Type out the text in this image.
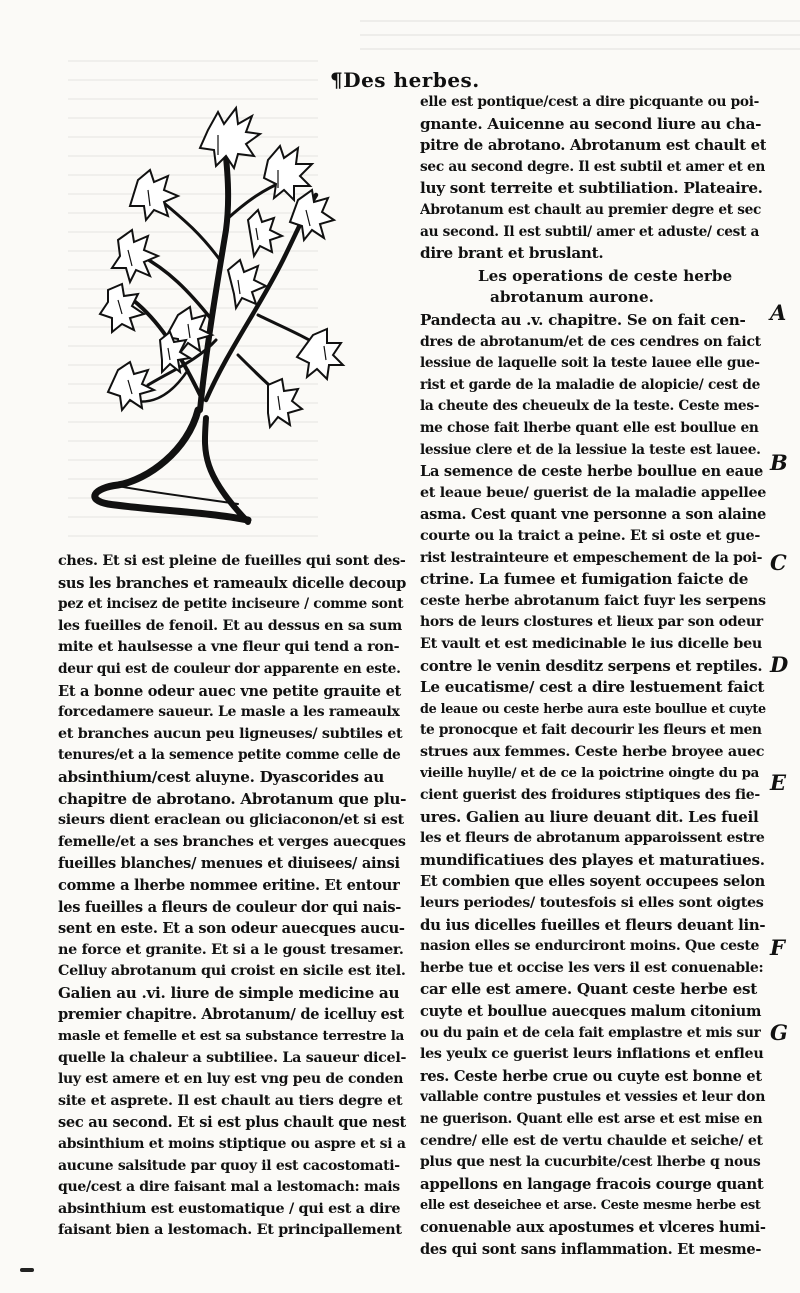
¶Des herbes.
elle est pontique/cest a dire picquante ou poi-
gnante. Auicenne au second liure au cha-
pitre de abrotano. Abrotanum est chault et
sec au second degre. Il est subtil et amer et en
luy sont terreite et subtiliation. Plateaire.
Abrotanum est chault au premier degre et sec
au second. Il est subtil/ amer et aduste/ cest a
dire brant et bruslant.
Les operations de ceste herbe
abrotanum aurone.
Pandecta au .v. chapitre. Se on fait cen-
dres de abrotanum/et de ces cendres on faict
lessiue de laquelle soit la teste lauee elle gue-
rist et garde de la maladie de alopicie/ cest de
la cheute des cheueulx de la teste. Ceste mes-
me chose fait lherbe quant elle est boullue en
lessiue clere et de la lessiue la teste est lauee.
La semence de ceste herbe boullue en eaue
et leaue beue/ guerist de la maladie appellee
asma. Cest quant vne personne a son alaine
courte ou la traict a peine. Et si oste et gue-
rist lestrainteure et empeschement de la poi-
ctrine. La fumee et fumigation faicte de
ceste herbe abrotanum faict fuyr les serpens
hors de leurs clostures et lieux par son odeur
Et vault et est medicinable le ius dicelle beu
contre le venin desditz serpens et reptiles.
Le eucatisme/ cest a dire lestuement faict
de leaue ou ceste herbe aura este boullue et cuyte
te pronocque et fait decourir les fleurs et men
strues aux femmes. Ceste herbe broyee auec
vieille huylle/ et de ce la poictrine oingte du pa
cient guerist des froidures stiptiques des fie-
ures. Galien au liure deuant dit. Les fueil
les et fleurs de abrotanum apparoissent estre
mundificatiues des playes et maturatiues.
Et combien que elles soyent occupees selon
leurs periodes/ toutesfois si elles sont oigtes
du ius dicelles fueilles et fleurs deuant lin-
nasion elles se endurciront moins. Que ceste
herbe tue et occise les vers il est conuenable:
car elle est amere. Quant ceste herbe est
cuyte et boullue auecques malum citonium
ou du pain et de cela fait emplastre et mis sur
les yeulx ce guerist leurs inflations et enfleu
res. Ceste herbe crue ou cuyte est bonne et
vallable contre pustules et vessies et leur don
ne guerison. Quant elle est arse et est mise en
cendre/ elle est de vertu chaulde et seiche/ et
plus que nest la cucurbite/cest lherbe q nous
appellons en langage fracois courge quant
elle est deseichee et arse. Ceste mesme herbe est
conuenable aux apostumes et vlceres humi-
des qui sont sans inflammation. Et mesme-
ches. Et si est pleine de fueilles qui sont des-
sus les branches et rameaulx dicelle decoup
pez et incisez de petite inciseure / comme sont
les fueilles de fenoil. Et au dessus en sa sum
mite et haulsesse a vne fleur qui tend a ron-
deur qui est de couleur dor apparente en este.
Et a bonne odeur auec vne petite grauite et
forcedamere saueur. Le masle a les rameaulx
et branches aucun peu ligneuses/ subtiles et
tenures/et a la semence petite comme celle de
absinthium/cest aluyne. Dyascorides au
chapitre de abrotano. Abrotanum que plu-
sieurs dient eraclean ou gliciaconon/et si est
femelle/et a ses branches et verges auecques
fueilles blanches/ menues et diuisees/ ainsi
comme a lherbe nommee eritine. Et entour
les fueilles a fleurs de couleur dor qui nais-
sent en este. Et a son odeur auecques aucu-
ne force et granite. Et si a le goust tresamer.
Celluy abrotanum qui croist en sicile est itel.
Galien au .vi. liure de simple medicine au
premier chapitre. Abrotanum/ de icelluy est
masle et femelle et est sa substance terrestre la
quelle la chaleur a subtiliee. La saueur dicel-
luy est amere et en luy est vng peu de conden
site et asprete. Il est chault au tiers degre et
sec au second. Et si est plus chault que nest
absinthium et moins stiptique ou aspre et si a
aucune salsitude par quoy il est cacostomati-
que/cest a dire faisant mal a lestomach: mais
absinthium est eustomatique / qui est a dire
faisant bien a lestomach. Et principallement
A
B
C
D
E
F
G
